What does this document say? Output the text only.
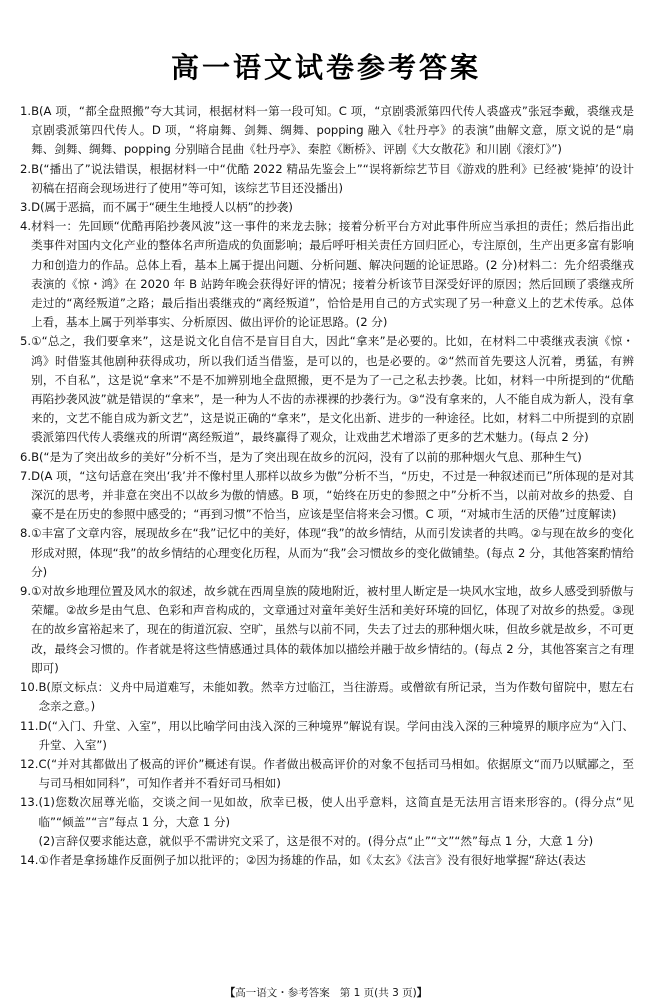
高一语文试卷参考答案
1. B(A 项，“都全盘照搬”夸大其词，根据材料一第一段可知。C 项，“京剧裘派第四代传人裘盛戎”张冠李戴，裘继戎是京剧裘派第四代传人。D 项，“将扇舞、剑舞、绸舞、popping 融入《牡丹亭》的表演”曲解文意，原文说的是“扇舞、剑舞、绸舞、popping 分别暗合昆曲《牡丹亭》、秦腔《断桥》、评剧《大女散花》和川剧《滚灯》”)

2. B(“播出了”说法错误，根据材料一中“优酷 2022 精品先鉴会上”“误将新综艺节目《游戏的胜利》已经被‘毙掉’的设计初稿在招商会现场进行了使用”等可知，该综艺节目还没播出)

3. D(属于恶搞，而不属于“硬生生地授人以柄”的抄袭)

4. 材料一：先回顾“优酷再陷抄袭风波”这一事件的来龙去脉；接着分析平台方对此事件所应当承担的责任；然后指出此类事件对国内文化产业的整体名声所造成的负面影响；最后呼吁相关责任方回归匠心，专注原创，生产出更多富有影响力和创造力的作品。总体上看，基本上属于提出问题、分析问题、解决问题的论证思路。(2 分)材料二：先介绍裘继戎表演的《惊・鸿》在 2020 年 B 站跨年晚会获得好评的情况；接着分析该节目深受好评的原因；然后回顾了裘继戎所走过的“离经叛道”之路；最后指出裘继戎的“离经叛道”，恰恰是用自己的方式实现了另一种意义上的艺术传承。总体上看，基本上属于列举事实、分析原因、做出评价的论证思路。(2 分)

5. ①“总之，我们要拿来”，这是说文化自信不是盲目自大，因此“拿来”是必要的。比如，在材料二中裘继戎表演《惊・鸿》时借鉴其他剧种获得成功，所以我们适当借鉴，是可以的，也是必要的。②“然而首先要这人沉着，勇猛，有辨别，不自私”，这是说“拿来”不是不加辨别地全盘照搬，更不是为了一己之私去抄袭。比如，材料一中所提到的“优酷再陷抄袭风波”就是错误的“拿来”，是一种为人不齿的赤裸裸的抄袭行为。③“没有拿来的，人不能自成为新人，没有拿来的，文艺不能自成为新文艺”，这是说正确的“拿来”，是文化出新、进步的一种途径。比如，材料二中所提到的京剧裘派第四代传人裘继戎的所谓“离经叛道”，最终赢得了观众，让戏曲艺术增添了更多的艺术魅力。(每点 2 分)

6. B(“是为了突出故乡的美好”分析不当，是为了突出现在故乡的沉闷，没有了以前的那种烟火气息、那种生气)

7. D(A 项，“这句话意在突出‘我’并不像村里人那样以故乡为傲”分析不当，“历史，不过是一种叙述而已”所体现的是对其深沉的思考，并非意在突出不以故乡为傲的情感。B 项，“始终在历史的参照之中”分析不当，以前对故乡的热爱、自豪不是在历史的参照中感受的；“再到习惯”不恰当，应该是坚信将来会习惯。C 项，“对城市生活的厌倦”过度解读)

8. ①丰富了文章内容，展现故乡在“我”记忆中的美好，体现“我”的故乡情结，从而引发读者的共鸣。②与现在故乡的变化形成对照，体现“我”的故乡情结的心理变化历程，从而为“我”会习惯故乡的变化做铺垫。(每点 2 分，其他答案酌情给分)

9. ①对故乡地理位置及风水的叙述，故乡就在西周皇族的陵地附近，被村里人断定是一块风水宝地，故乡人感受到骄傲与荣耀。②故乡是由气息、色彩和声音构成的，文章通过对童年美好生活和美好环境的回忆，体现了对故乡的热爱。③现在的故乡富裕起来了，现在的街道沉寂、空旷，虽然与以前不同，失去了过去的那种烟火味，但故乡就是故乡，不可更改，最终会习惯的。作者就是将这些情感通过具体的载体加以描绘并融于故乡情结的。(每点 2 分，其他答案言之有理即可)

10. B(原文标点：义舟中局道难写，未能如教。然幸方过临江，当往游焉。或僧欲有所记录，当为作数句留院中，慰左右念亲之意。)

11. D(“入门、升堂、入室”，用以比喻学问由浅入深的三种境界”解说有误。学问由浅入深的三种境界的顺序应为“入门、升堂、入室”)

12. C(“并对其都做出了极高的评价”概述有误。作者做出极高评价的对象不包括司马相如。依据原文“而乃以赋鄙之，至与司马相如同科”，可知作者并不看好司马相如)

13. (1)您数次屈尊光临，交谈之间一见如故，欣幸已极，使人出乎意料，这简直是无法用言语来形容的。(得分点“见临”“倾盖”“言”每点 1 分，大意 1 分)

(2)言辞仅要求能达意，就似乎不需讲究文采了，这是很不对的。(得分点“止”“文”“然”每点 1 分，大意 1 分)

14. ①作者是拿扬雄作反面例子加以批评的；②因为扬雄的作品，如《太玄》《法言》没有很好地掌握“辞达(表达

【高一语文・参考答案 第 1 页(共 3 页)】
